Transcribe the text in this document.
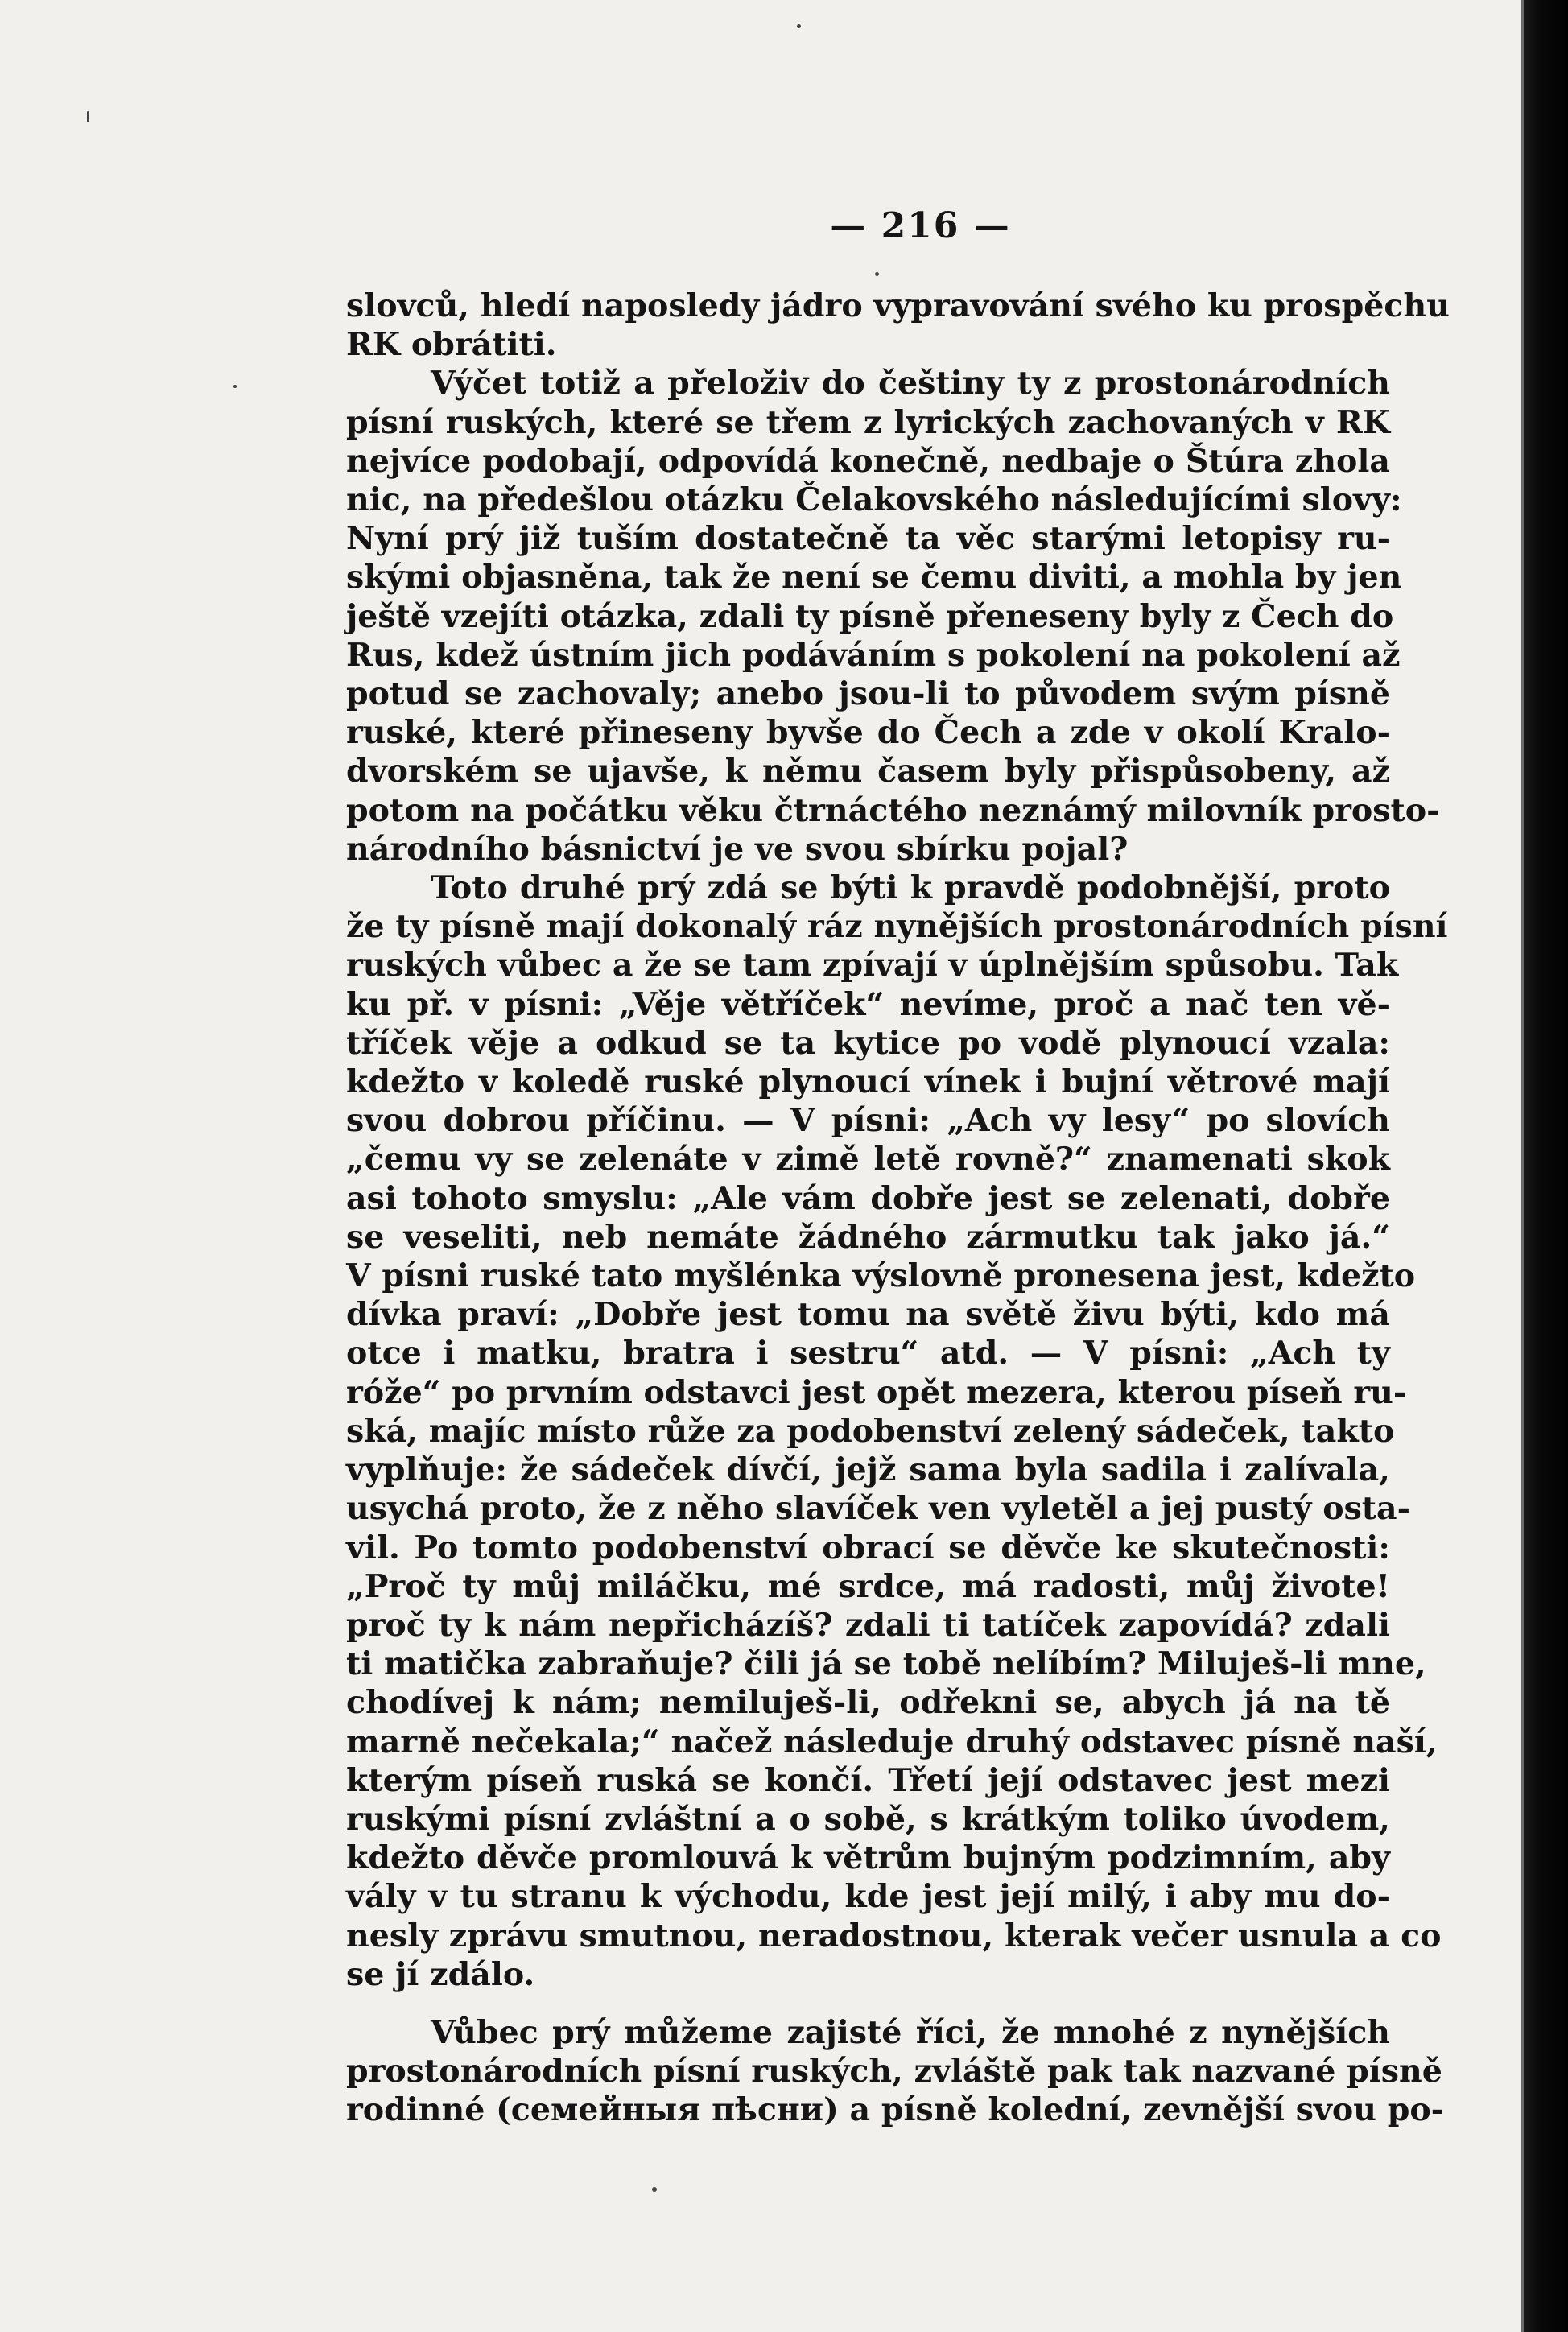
— 216 —
slovců, hledí naposledy jádro vypravování svého ku prospěchu
RK obrátiti.
Výčet totiž a přeloživ do češtiny ty z prostonárodních
písní ruských, které se třem z lyrických zachovaných v RK
nejvíce podobají, odpovídá konečně, nedbaje o Štúra zhola
nic, na předešlou otázku Čelakovského následujícími slovy:
Nyní prý již tuším dostatečně ta věc starými letopisy ru-
skými objasněna, tak že není se čemu diviti, a mohla by jen
ještě vzejíti otázka, zdali ty písně přeneseny byly z Čech do
Rus, kdež ústním jich podáváním s pokolení na pokolení až
potud se zachovaly; anebo jsou-li to původem svým písně
ruské, které přineseny byvše do Čech a zde v okolí Kralo-
dvorském se ujavše, k němu časem byly přispůsobeny, až
potom na počátku věku čtrnáctého neznámý milovník prosto-
národního básnictví je ve svou sbírku pojal?
Toto druhé prý zdá se býti k pravdě podobnější, proto
že ty písně mají dokonalý ráz nynějších prostonárodních písní
ruských vůbec a že se tam zpívají v úplnějším spůsobu. Tak
ku př. v písni: „Věje větříček“ nevíme, proč a nač ten vě-
tříček věje a odkud se ta kytice po vodě plynoucí vzala:
kdežto v koledě ruské plynoucí vínek i bujní větrové mají
svou dobrou příčinu. — V písni: „Ach vy lesy“ po slovích
„čemu vy se zelenáte v zimě letě rovně?“ znamenati skok
asi tohoto smyslu: „Ale vám dobře jest se zelenati, dobře
se veseliti, neb nemáte žádného zármutku tak jako já.“
V písni ruské tato myšlénka výslovně pronesena jest, kdežto
dívka praví: „Dobře jest tomu na světě živu býti, kdo má
otce i matku, bratra i sestru“ atd. — V písni: „Ach ty
róže“ po prvním odstavci jest opět mezera, kterou píseň ru-
ská, majíc místo růže za podobenství zelený sádeček, takto
vyplňuje: že sádeček dívčí, jejž sama byla sadila i zalívala,
usychá proto, že z něho slavíček ven vyletěl a jej pustý osta-
vil. Po tomto podobenství obrací se děvče ke skutečnosti:
„Proč ty můj miláčku, mé srdce, má radosti, můj živote!
proč ty k nám nepřicházíš? zdali ti tatíček zapovídá? zdali
ti matička zabraňuje? čili já se tobě nelíbím? Miluješ-li mne,
chodívej k nám; nemiluješ-li, odřekni se, abych já na tě
marně nečekala;“ načež následuje druhý odstavec písně naší,
kterým píseň ruská se končí. Třetí její odstavec jest mezi
ruskými písní zvláštní a o sobě, s krátkým toliko úvodem,
kdežto děvče promlouvá k větrům bujným podzimním, aby
vály v tu stranu k východu, kde jest její milý, i aby mu do-
nesly zprávu smutnou, neradostnou, kterak večer usnula a co
se jí zdálo.
Vůbec prý můžeme zajisté říci, že mnohé z nynějších
prostonárodních písní ruských, zvláště pak tak nazvané písně
rodinné (семейныя пѣсни) a písně kolední, zevnější svou po-
